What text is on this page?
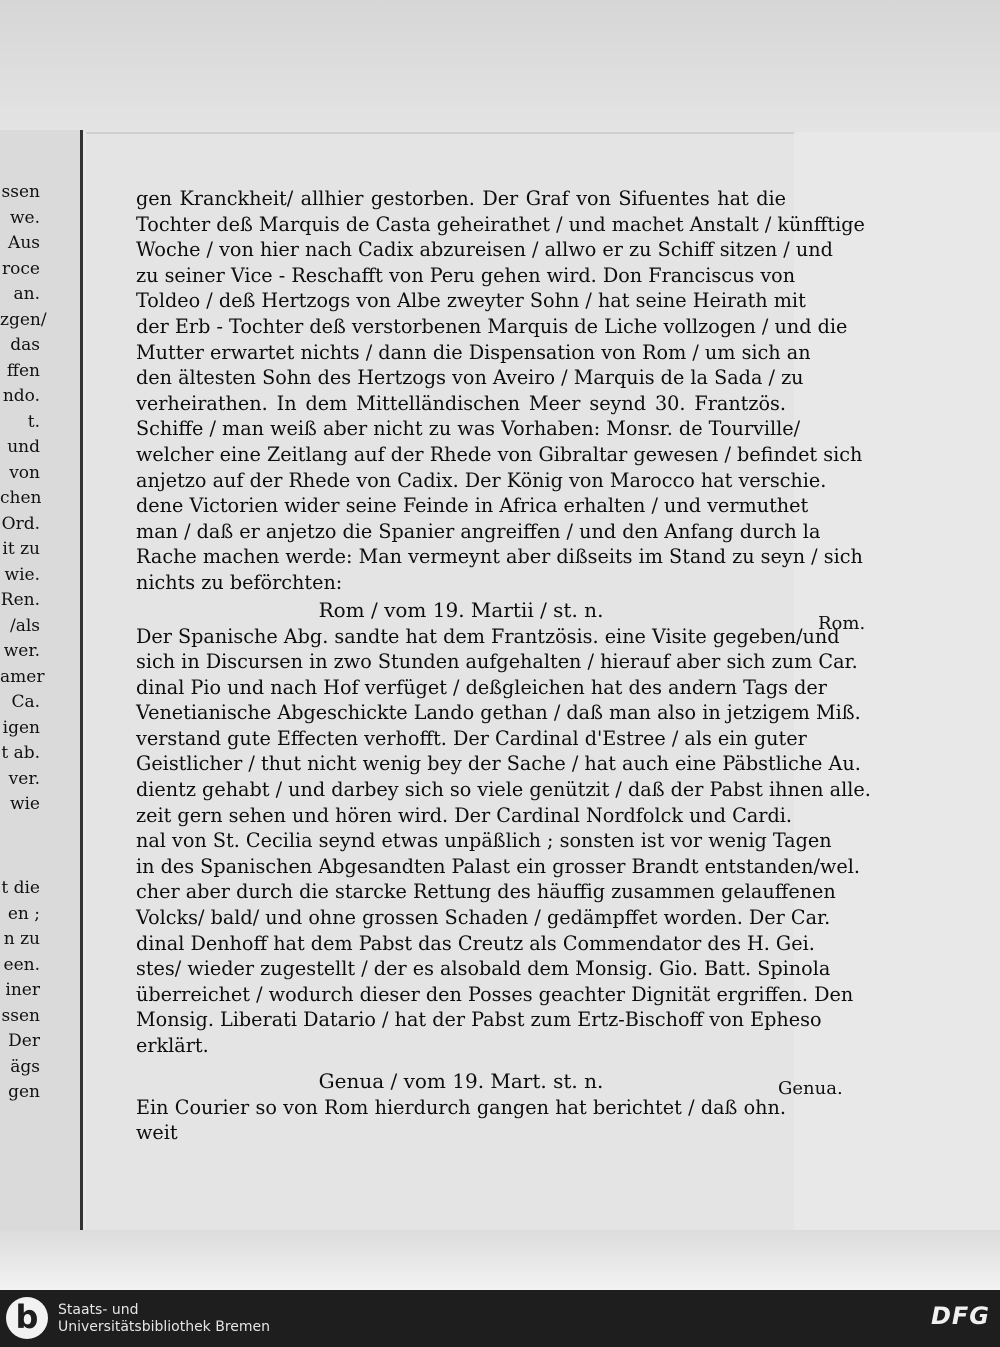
ssen
we.
Aus
roce
an.
zgen/
das
ffen
ndo.
t.
und
von
chen
Ord.
it zu
wie.
Ren.
/als
wer.
amer
Ca.
igen
t ab.
ver.
wie
t die
en ;
n zu
een.
iner
ssen
Der
ägs
gen
gen Kranckheit/ allhier gestorben. Der Graf von Sifuentes hat die
Tochter deß Marquis de Casta geheirathet / und machet Anstalt / künfftige
Woche / von hier nach Cadix abzureisen / allwo er zu Schiff sitzen / und
zu seiner Vice - Reschafft von Peru gehen wird. Don Franciscus von
Toldeo / deß Hertzogs von Albe zweyter Sohn / hat seine Heirath mit
der Erb - Tochter deß verstorbenen Marquis de Liche vollzogen / und die
Mutter erwartet nichts / dann die Dispensation von Rom / um sich an
den ältesten Sohn des Hertzogs von Aveiro / Marquis de la Sada / zu
verheirathen. In dem Mittelländischen Meer seynd 30. Frantzös.
Schiffe / man weiß aber nicht zu was Vorhaben: Monsr. de Tourville/
welcher eine Zeitlang auf der Rhede von Gibraltar gewesen / befindet sich
anjetzo auf der Rhede von Cadix. Der König von Marocco hat verschie.
dene Victorien wider seine Feinde in Africa erhalten / und vermuthet
man / daß er anjetzo die Spanier angreiffen / und den Anfang durch la
Rache machen werde: Man vermeynt aber dißseits im Stand zu seyn / sich
nichts zu beförchten:
Rom / vom 19. Martii / st. n.
Der Spanische Abg. sandte hat dem Frantzösis. eine Visite gegeben/und
sich in Discursen in zwo Stunden aufgehalten / hierauf aber sich zum Car.
dinal Pio und nach Hof verfüget / deßgleichen hat des andern Tags der
Venetianische Abgeschickte Lando gethan / daß man also in jetzigem Miß.
verstand gute Effecten verhofft. Der Cardinal d'Estree / als ein guter
Geistlicher / thut nicht wenig bey der Sache / hat auch eine Päbstliche Au.
dientz gehabt / und darbey sich so viele genützit / daß der Pabst ihnen alle.
zeit gern sehen und hören wird. Der Cardinal Nordfolck und Cardi.
nal von St. Cecilia seynd etwas unpäßlich ; sonsten ist vor wenig Tagen
in des Spanischen Abgesandten Palast ein grosser Brandt entstanden/wel.
cher aber durch die starcke Rettung des häuffig zusammen gelauffenen
Volcks/ bald/ und ohne grossen Schaden / gedämpffet worden. Der Car.
dinal Denhoff hat dem Pabst das Creutz als Commendator des H. Gei.
stes/ wieder zugestellt / der es alsobald dem Monsig. Gio. Batt. Spinola
überreichet / wodurch dieser den Posses geachter Dignität ergriffen. Den
Monsig. Liberati Datario / hat der Pabst zum Ertz-Bischoff von Epheso
erklärt.
Genua / vom 19. Mart. st. n.
Ein Courier so von Rom hierdurch gangen hat berichtet / daß ohn.
weit
Rom.
Genua.
b	Staats- und
Universitätsbibliothek Bremen	DFG
